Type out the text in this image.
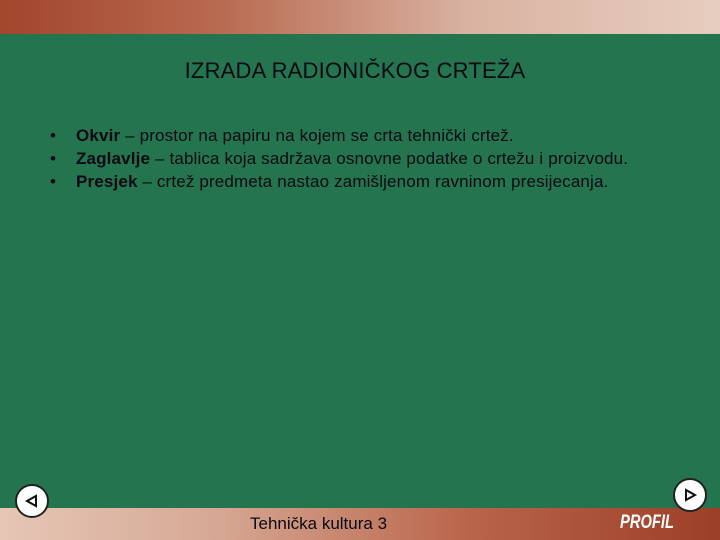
IZRADA RADIONIČKOG CRTEŽA
• Okvir – prostor na papiru na kojem se crta tehnički crtež.
• Zaglavlje – tablica koja sadržava osnovne podatke o crtežu i proizvodu.
• Presjek – crtež predmeta nastao zamišljenom ravninom presijecanja.
Tehnička kultura 3	PROFIL
